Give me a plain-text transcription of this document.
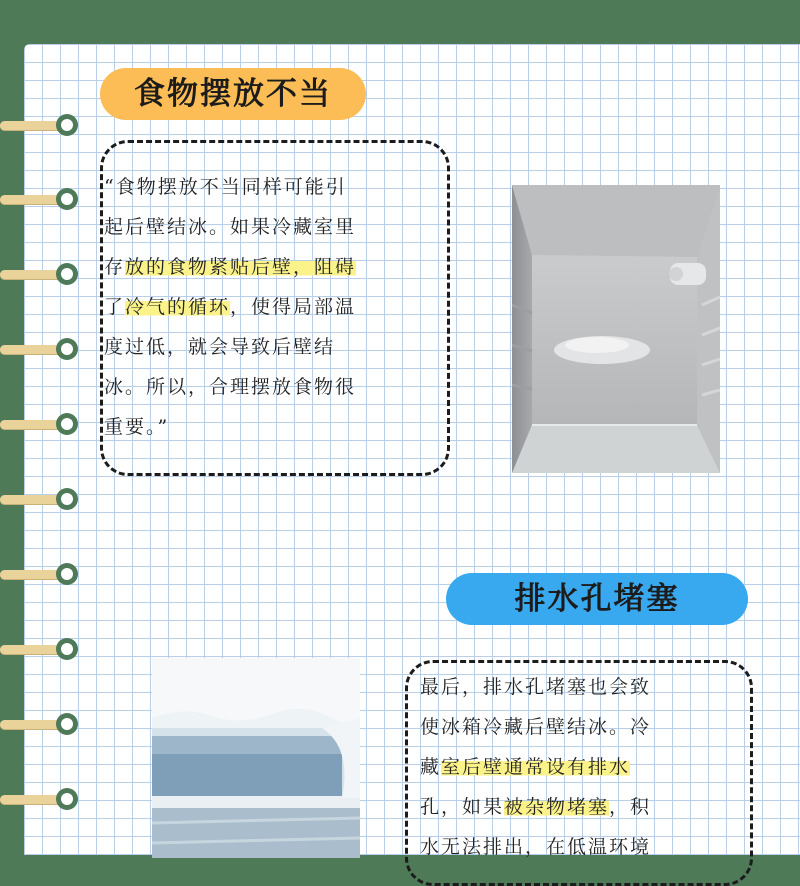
食物摆放不当
“食物摆放不当同样可能引
起后壁结冰。如果冷藏室里
存放的食物紧贴后壁，阻碍
了冷气的循环，使得局部温
度过低，就会导致后壁结
冰。所以，合理摆放食物很
重要。”
排水孔堵塞
最后，排水孔堵塞也会致
使冰箱冷藏后壁结冰。冷
藏室后壁通常设有排水
孔，如果被杂物堵塞，积
水无法排出，在低温环境
